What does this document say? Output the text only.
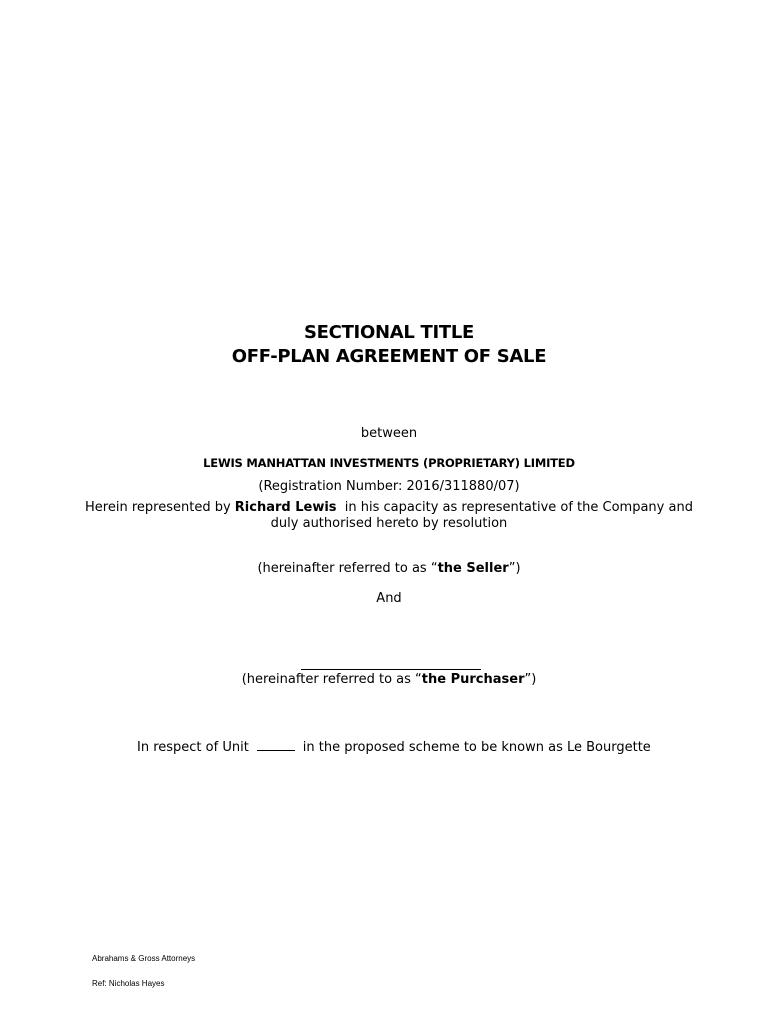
SECTIONAL TITLE
OFF-PLAN AGREEMENT OF SALE
between
LEWIS MANHATTAN INVESTMENTS (PROPRIETARY) LIMITED
(Registration Number: 2016/311880/07)
Herein represented by Richard Lewis  in his capacity as representative of the Company and
duly authorised hereto by resolution
(hereinafter referred to as “the Seller”)
And
(hereinafter referred to as “the Purchaser”)
In respect of Unit	in the proposed scheme to be known as Le Bourgette
Abrahams & Gross Attorneys
Ref: Nicholas Hayes
